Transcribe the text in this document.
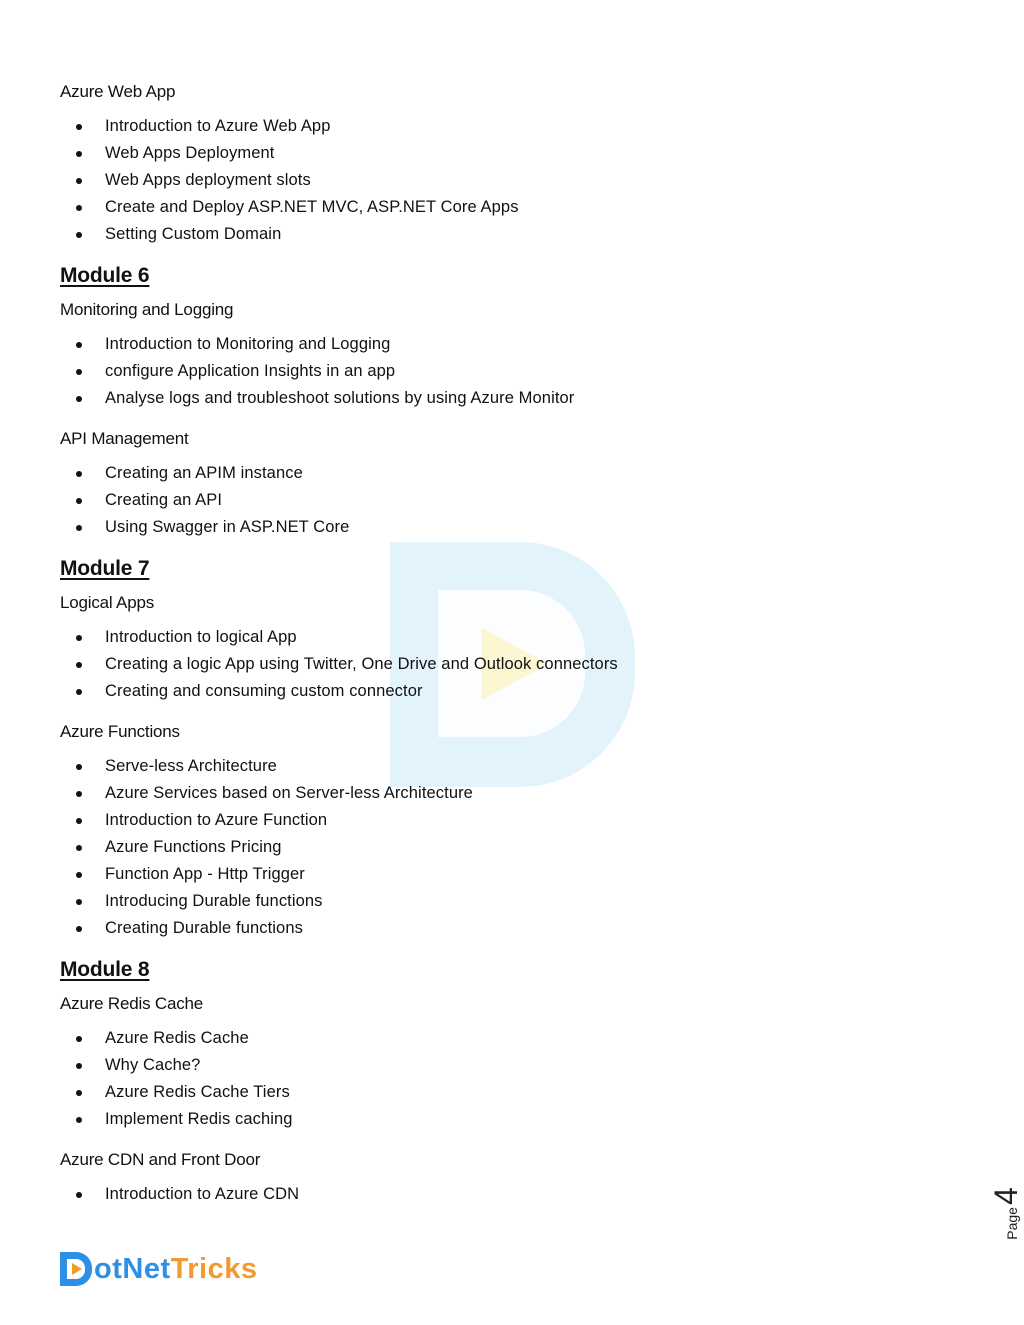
Azure Web App

Introduction to Azure Web App
Web Apps Deployment
Web Apps deployment slots
Create and Deploy ASP.NET MVC, ASP.NET Core Apps
Setting Custom Domain

Module 6

Monitoring and Logging

Introduction to Monitoring and Logging
configure Application Insights in an app
Analyse logs and troubleshoot solutions by using Azure Monitor

API Management

Creating an APIM instance
Creating an API
Using Swagger in ASP.NET Core

Module 7

Logical Apps

Introduction to logical App
Creating a logic App using Twitter, One Drive and Outlook connectors
Creating and consuming custom connector

Azure Functions

Serve-less Architecture
Azure Services based on Server-less Architecture
Introduction to Azure Function
Azure Functions Pricing
Function App - Http Trigger
Introducing Durable functions
Creating Durable functions

Module 8

Azure Redis Cache

Azure Redis Cache
Why Cache?
Azure Redis Cache Tiers
Implement Redis caching

Azure CDN and Front Door

Introduction to Azure CDN
Page4
otNetTricks
